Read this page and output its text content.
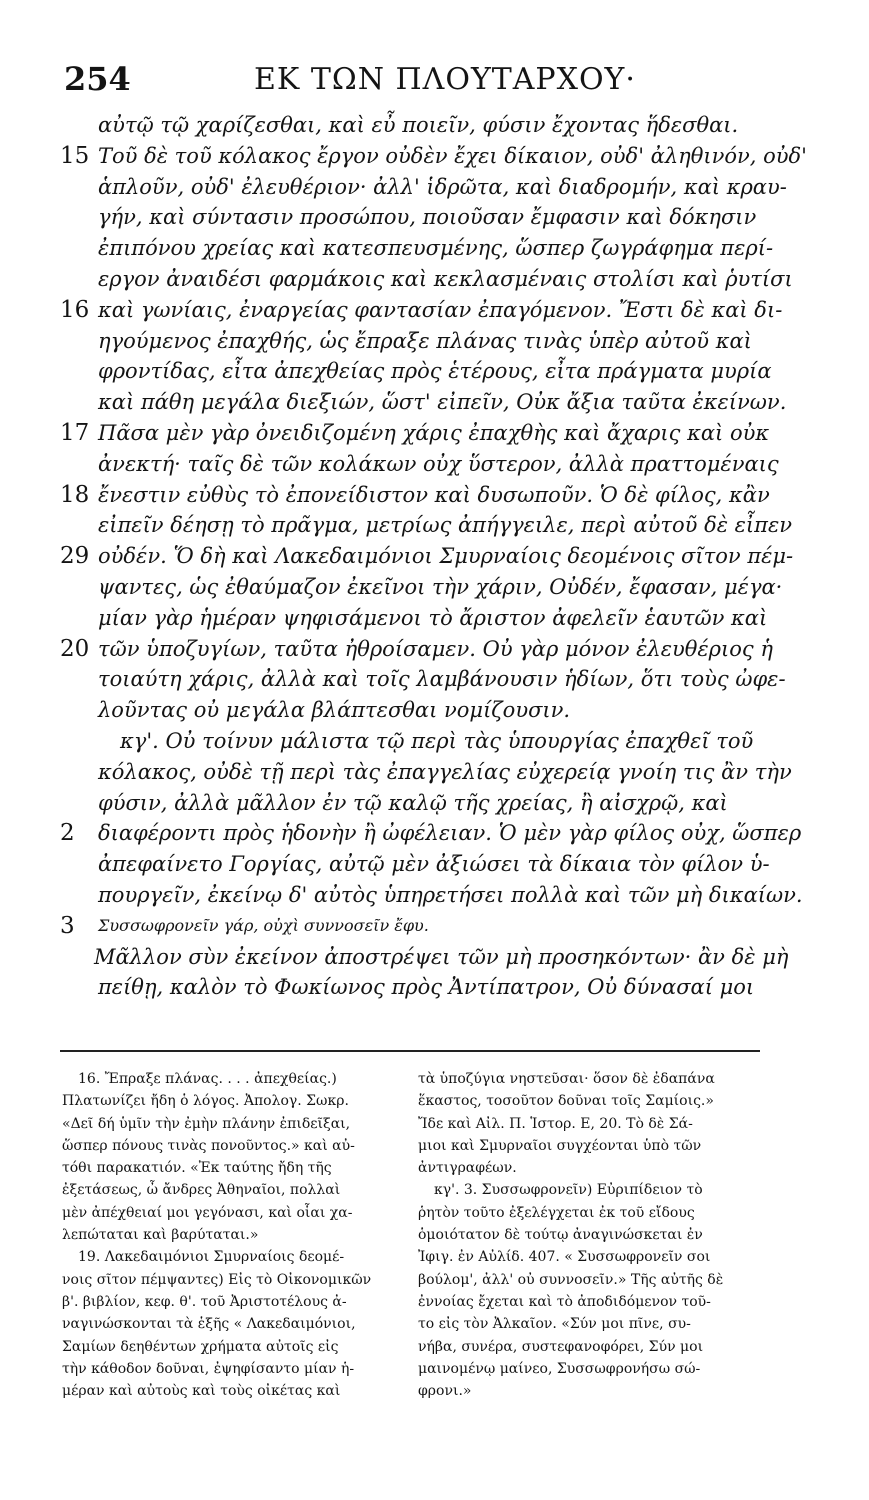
254	ΕΚ ΤΩΝ ΠΛΟΥΤΑΡΧΟΥ·
αὐτῷ τῷ χαρίζεσθαι, καὶ εὖ ποιεῖν, φύσιν ἔχοντας ἥδεσθαι.
15 Τοῦ δὲ τοῦ κόλακος ἔργον οὐδὲν ἔχει δίκαιον, οὐδ' ἀληθινόν, οὐδ'
ἁπλοῦν, οὐδ' ἐλευθέριον· ἀλλ' ἱδρῶτα, καὶ διαδρομήν, καὶ κραυ-
γήν, καὶ σύντασιν προσώπου, ποιοῦσαν ἔμφασιν καὶ δόκησιν
ἐπιπόνου χρείας καὶ κατεσπευσμένης, ὥσπερ ζωγράφημα περί-
εργον ἀναιδέσι φαρμάκοις καὶ κεκλασμέναις στολίσι καὶ ῥυτίσι
16 καὶ γωνίαις, ἐναργείας φαντασίαν ἐπαγόμενον. Ἔστι δὲ καὶ δι-
ηγούμενος ἐπαχθής, ὡς ἔπραξε πλάνας τινὰς ὑπὲρ αὐτοῦ καὶ
φροντίδας, εἶτα ἀπεχθείας πρὸς ἑτέρους, εἶτα πράγματα μυρία
καὶ πάθη μεγάλα διεξιών, ὥστ' εἰπεῖν, Οὐκ ἄξια ταῦτα ἐκείνων.
17 Πᾶσα μὲν γὰρ ὀνειδιζομένη χάρις ἐπαχθὴς καὶ ἄχαρις καὶ οὐκ
ἀνεκτή· ταῖς δὲ τῶν κολάκων οὐχ ὕστερον, ἀλλὰ πραττομέναις
18 ἔνεστιν εὐθὺς τὸ ἐπονείδιστον καὶ δυσωποῦν. Ὁ δὲ φίλος, κἂν
εἰπεῖν δέησῃ τὸ πρᾶγμα, μετρίως ἀπήγγειλε, περὶ αὐτοῦ δὲ εἶπεν
29 οὐδέν. Ὅ δὴ καὶ Λακεδαιμόνιοι Σμυρναίοις δεομένοις σῖτον πέμ-
ψαντες, ὡς ἐθαύμαζον ἐκεῖνοι τὴν χάριν, Οὐδέν, ἔφασαν, μέγα·
μίαν γὰρ ἡμέραν ψηφισάμενοι τὸ ἄριστον ἀφελεῖν ἑαυτῶν καὶ
20 τῶν ὑποζυγίων, ταῦτα ἠθροίσαμεν. Οὐ γὰρ μόνον ἐλευθέριος ἡ
τοιαύτη χάρις, ἀλλὰ καὶ τοῖς λαμβάνουσιν ἡδίων, ὅτι τοὺς ὠφε-
λοῦντας οὐ μεγάλα βλάπτεσθαι νομίζουσιν.
κγ'. Οὐ τοίνυν μάλιστα τῷ περὶ τὰς ὑπουργίας ἐπαχθεῖ τοῦ
κόλακος, οὐδὲ τῇ περὶ τὰς ἐπαγγελίας εὐχερείᾳ γνοίη τις ἂν τὴν
φύσιν, ἀλλὰ μᾶλλον ἐν τῷ καλῷ τῆς χρείας, ἢ αἰσχρῷ, καὶ
2 διαφέροντι πρὸς ἡδονὴν ἢ ὠφέλειαν. Ὁ μὲν γὰρ φίλος οὐχ, ὥσπερ
ἀπεφαίνετο Γοργίας, αὐτῷ μὲν ἀξιώσει τὰ δίκαια τὸν φίλον ὑ-
πουργεῖν, ἐκείνῳ δ' αὐτὸς ὑπηρετήσει πολλὰ καὶ τῶν μὴ δικαίων.
3 Συσσωφρονεῖν γάρ, οὐχὶ συννοσεῖν ἔφυ.
Μᾶλλον σὺν ἐκείνον ἀποστρέψει τῶν μὴ προσηκόντων· ἂν δὲ μὴ
πείθῃ, καλὸν τὸ Φωκίωνος πρὸς Ἀντίπατρον, Οὐ δύνασαί μοι
16. Ἔπραξε πλάνας. . . . ἀπεχθείας.)
Πλατωνίζει ἤδη ὁ λόγος. Ἀπολογ. Σωκρ.
«Δεῖ δή ὑμῖν τὴν ἐμὴν πλάνην ἐπιδεῖξαι,
ὥσπερ πόνους τινὰς πονοῦντος.» καὶ αὐ-
τόθι παρακατιόν. «Ἐκ ταύτης ἤδη τῆς
ἐξετάσεως, ὦ ἄνδρες Ἀθηναῖοι, πολλαὶ
μὲν ἀπέχθειαί μοι γεγόνασι, καὶ οἷαι χα-
λεπώταται καὶ βαρύταται.»
19. Λακεδαιμόνιοι Σμυρναίοις δεομέ-
νοις σῖτον πέμψαντες) Εἰς τὸ Οἰκονομικῶν
β'. βιβλίον, κεφ. θ'. τοῦ Ἀριστοτέλους ἀ-
ναγινώσκονται τὰ ἑξῆς « Λακεδαιμόνιοι,
Σαμίων δεηθέντων χρήματα αὐτοῖς εἰς
τὴν κάθοδον δοῦναι, ἐψηφίσαντο μίαν ἡ-
μέραν καὶ αὐτοὺς καὶ τοὺς οἰκέτας καὶ
τὰ ὑποζύγια νηστεῦσαι· ὅσον δὲ ἐδαπάνα
ἕκαστος, τοσοῦτον δοῦναι τοῖς Σαμίοις.»
Ἴδε καὶ Αἰλ. Π. Ἱστορ. Ε, 20. Τὸ δὲ Σά-
μιοι καὶ Σμυρναῖοι συγχέονται ὑπὸ τῶν
ἀντιγραφέων.
κγ'. 3. Συσσωφρονεῖν) Εὐριπίδειον τὸ
ῥητὸν τοῦτο ἐξελέγχεται ἐκ τοῦ εἴδους
ὁμοιότατον δὲ τούτῳ ἀναγινώσκεται ἐν
Ἰφιγ. ἐν Αὐλίδ. 407. « Συσσωφρονεῖν σοι
βούλομ', ἀλλ' οὐ συννοσεῖν.» Τῆς αὐτῆς δὲ
ἐννοίας ἔχεται καὶ τὸ ἀποδιδόμενον τοῦ-
το εἰς τὸν Ἀλκαῖον. «Σύν μοι πῖνε, συ-
νήβα, συνέρα, συστεφανοφόρει, Σύν μοι
μαινομένῳ μαίνεο, Συσσωφρονήσω σώ-
φρονι.»
